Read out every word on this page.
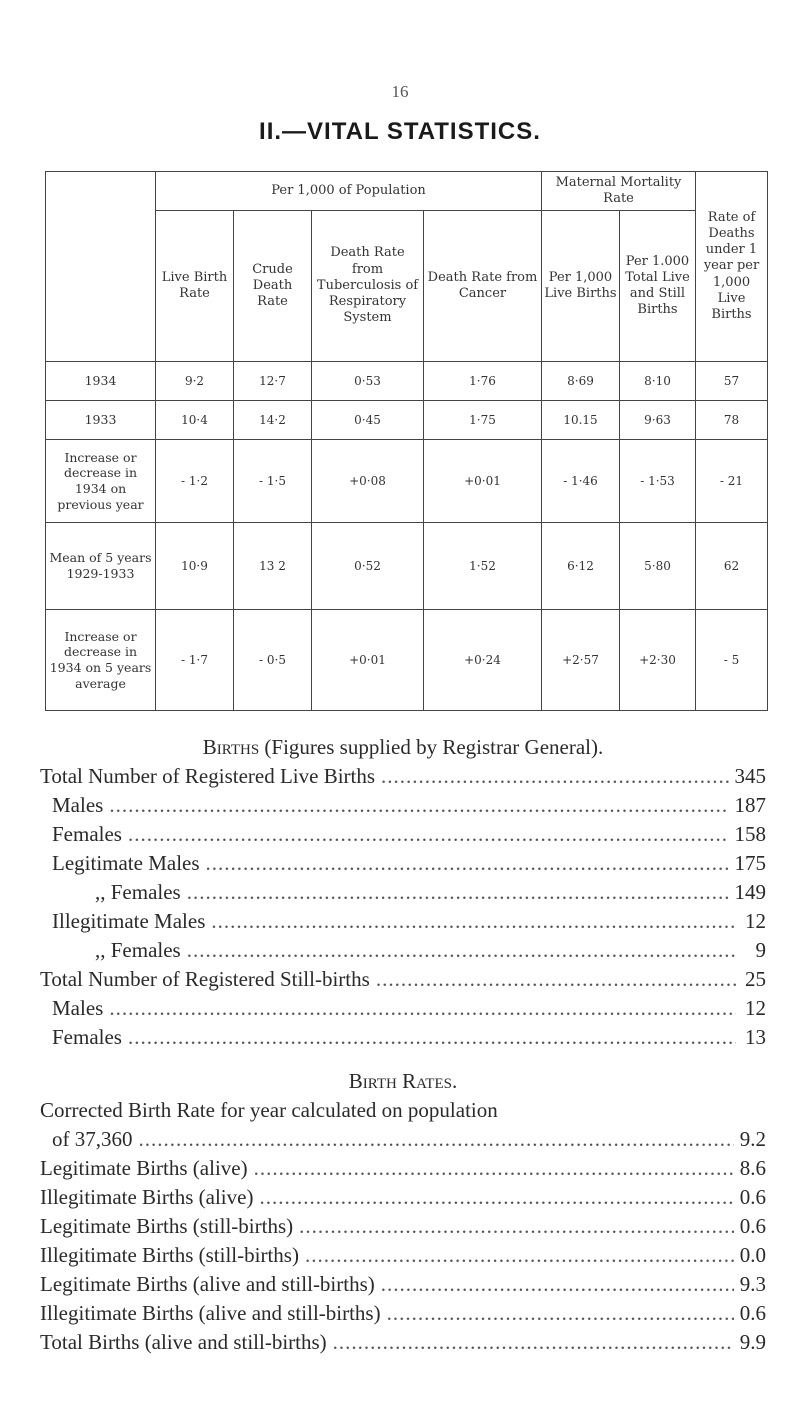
16
II.—VITAL STATISTICS.
	Per 1,000 of Population				Maternal Mortality Rate		Rate of Deaths under 1 year per 1,000 Live Births
	Live Birth Rate	Crude Death Rate	Death Rate from Tuberculosis of Respiratory System	Death Rate from Cancer	Per 1,000 Live Births	Per 1.000 Total Live and Still Births	
1934	9·2	12·7	0·53	1·76	8·69	8·10	57
1933	10·4	14·2	0·45	1·75	10.15	9·63	78
Increase or decrease in 1934 on previous year	- 1·2	- 1·5	+0·08	+0·01	- 1·46	- 1·53	- 21
Mean of 5 years 1929-1933	10·9	13 2	0·52	1·52	6·12	5·80	62
Increase or decrease in 1934 on 5 years average	- 1·7	- 0·5	+0·01	+0·24	+2·57	+2·30	- 5
Births (Figures supplied by Registrar General).
Total Number of Registered Live Births .....	345
Males .....	187
Females .....	158
Legitimate Males .....	175
,, Females .....	149
Illegitimate Males .....	12
,, Females .....	9
Total Number of Registered Still-births .....	25
Males .....	12
Females .....	13
Birth Rates.
Corrected Birth Rate for year calculated on population
of 37,360 .....	9.2
Legitimate Births (alive) .....	8.6
Illegitimate Births (alive) .....	0.6
Legitimate Births (still-births) .....	0.6
Illegitimate Births (still-births) .....	0.0
Legitimate Births (alive and still-births) .....	9.3
Illegitimate Births (alive and still-births) .....	0.6
Total Births (alive and still-births) .....	9.9
